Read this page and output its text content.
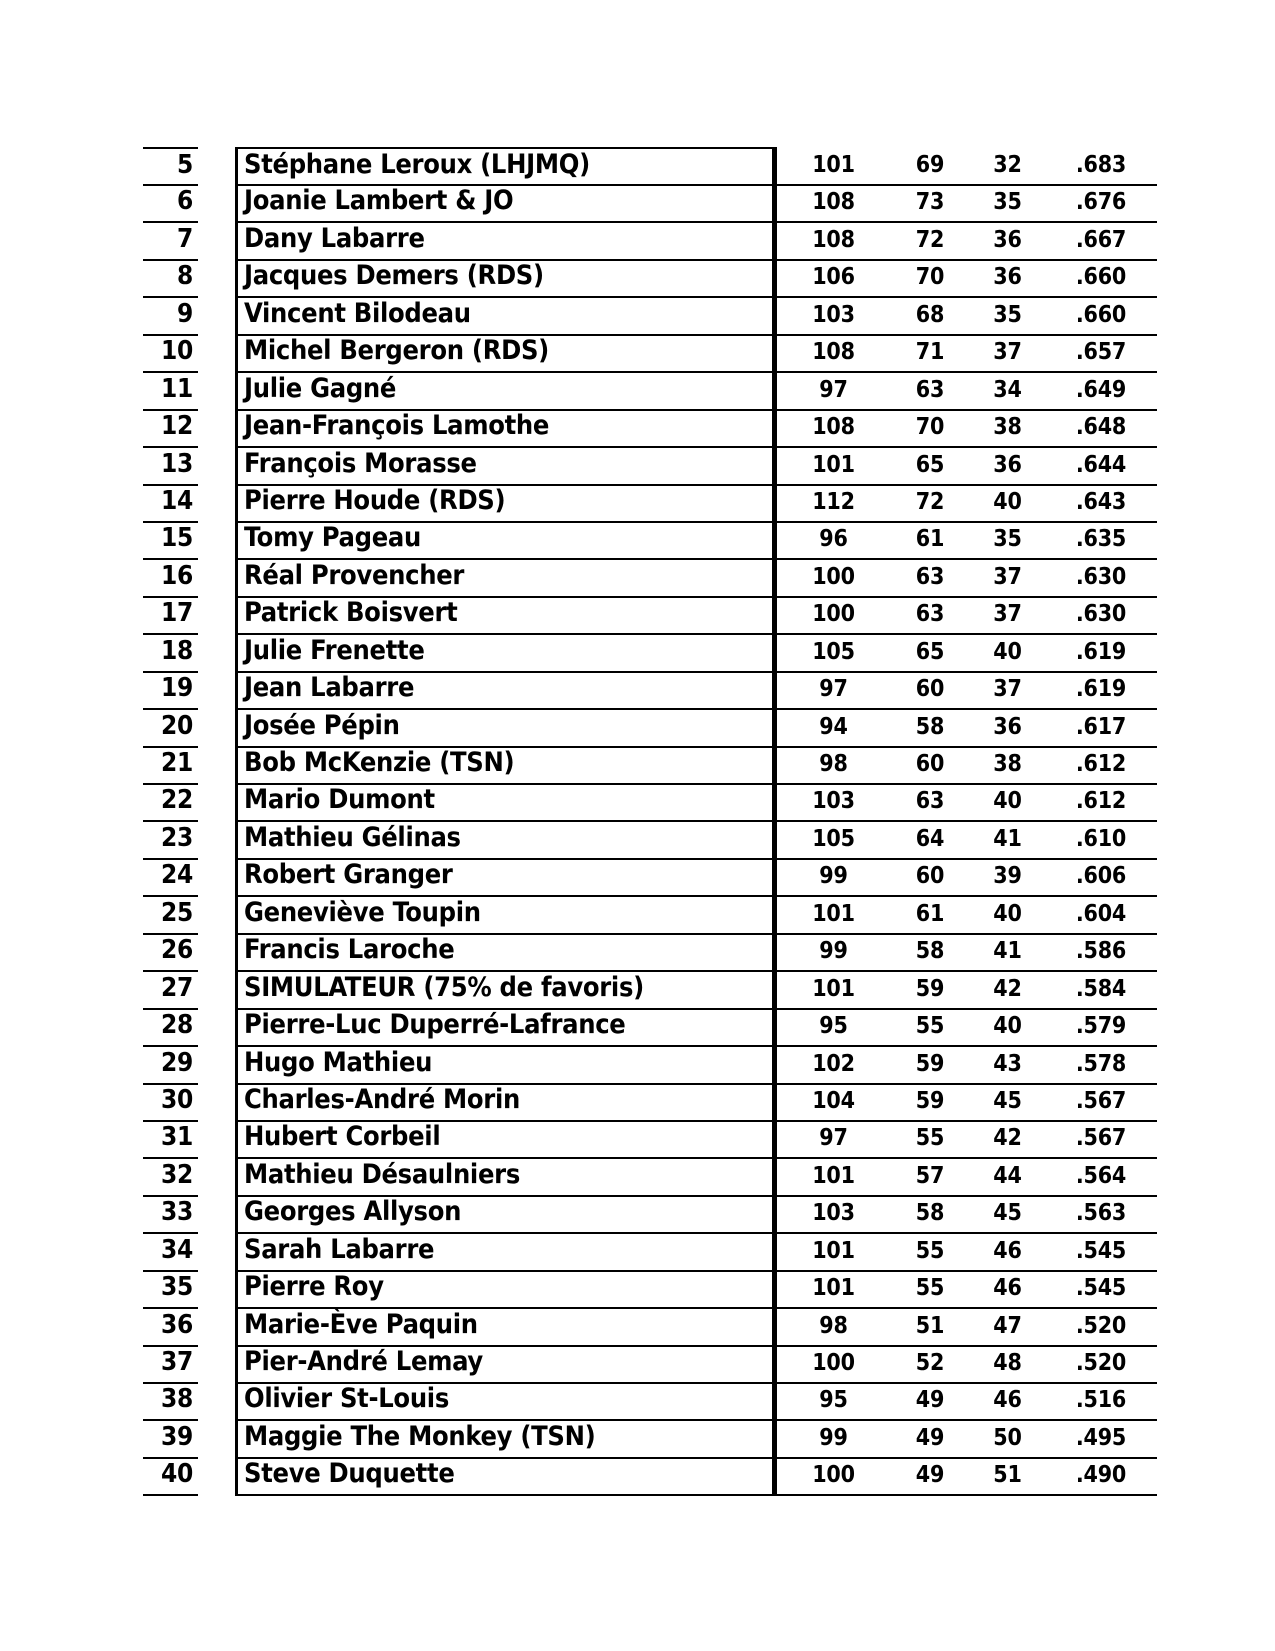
5	Stéphane Leroux (LHJMQ)	101	69	32	.683
6	Joanie Lambert & JO	108	73	35	.676
7	Dany Labarre	108	72	36	.667
8	Jacques Demers (RDS)	106	70	36	.660
9	Vincent Bilodeau	103	68	35	.660
10	Michel Bergeron (RDS)	108	71	37	.657
11	Julie Gagné	97	63	34	.649
12	Jean-François Lamothe	108	70	38	.648
13	François Morasse	101	65	36	.644
14	Pierre Houde (RDS)	112	72	40	.643
15	Tomy Pageau	96	61	35	.635
16	Réal Provencher	100	63	37	.630
17	Patrick Boisvert	100	63	37	.630
18	Julie Frenette	105	65	40	.619
19	Jean Labarre	97	60	37	.619
20	Josée Pépin	94	58	36	.617
21	Bob McKenzie (TSN)	98	60	38	.612
22	Mario Dumont	103	63	40	.612
23	Mathieu Gélinas	105	64	41	.610
24	Robert Granger	99	60	39	.606
25	Geneviève Toupin	101	61	40	.604
26	Francis Laroche	99	58	41	.586
27	SIMULATEUR (75% de favoris)	101	59	42	.584
28	Pierre-Luc Duperré-Lafrance	95	55	40	.579
29	Hugo Mathieu	102	59	43	.578
30	Charles-André Morin	104	59	45	.567
31	Hubert Corbeil	97	55	42	.567
32	Mathieu Désaulniers	101	57	44	.564
33	Georges Allyson	103	58	45	.563
34	Sarah Labarre	101	55	46	.545
35	Pierre Roy	101	55	46	.545
36	Marie-Ève Paquin	98	51	47	.520
37	Pier-André Lemay	100	52	48	.520
38	Olivier St-Louis	95	49	46	.516
39	Maggie The Monkey (TSN)	99	49	50	.495
40	Steve Duquette	100	49	51	.490
